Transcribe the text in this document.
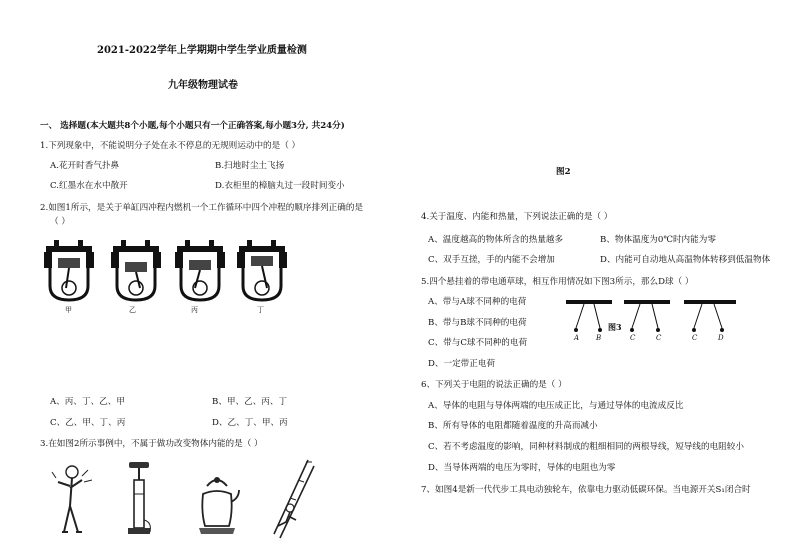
2021-2022学年上学期期中学生学业质量检测
九年级物理试卷
一、 选择题(本大题共8个小题,每个小题只有一个正确答案,每小题3分, 共24分)
1.下列现象中，不能说明分子处在永不停息的无规则运动中的是（ ）
A.花开时香气扑鼻	B.扫地时尘土飞扬
C.红墨水在水中散开	D.衣柜里的樟脑丸过一段时间变小
2.如图1所示，是关于单缸四冲程内燃机一个工作循环中四个冲程的顺序排列正确的是
（ ）
甲	乙	丙	丁
A、丙、丁、乙、甲	B、甲、乙、丙、丁
C、乙、甲、丁、丙	D、乙、丁、甲、丙
3.在如图2所示事例中，不属于做功改变物体内能的是（ ）
图2
4.关于温度、内能和热量，下列说法正确的是（ ）
A、温度越高的物体所含的热量越多	B、物体温度为0℃时内能为零
C、双手互搓，手的内能不会增加	D、内能可自动地从高温物体转移到低温物体
5.四个悬挂着的带电通草球，相互作用情况如下图3所示，那么D球（ ）
A、带与A球不同种的电荷
B、带与B球不同种的电荷
C、带与C球不同种的电荷
D、一定带正电荷
图3
A B	C	C	C	D
6、下列关于电阻的说法正确的是（ ）
A、导体的电阻与导体两端的电压成正比，与通过导体的电流成反比
B、所有导体的电阻都随着温度的升高而减小
C、若不考虑温度的影响，同种材料制成的粗细相同的两根导线，短导线的电阻较小
D、当导体两端的电压为零时，导体的电阻也为零
7、如图4是新一代代步工具电动独轮车，依靠电力驱动低碳环保。当电源开关S₁闭合时
